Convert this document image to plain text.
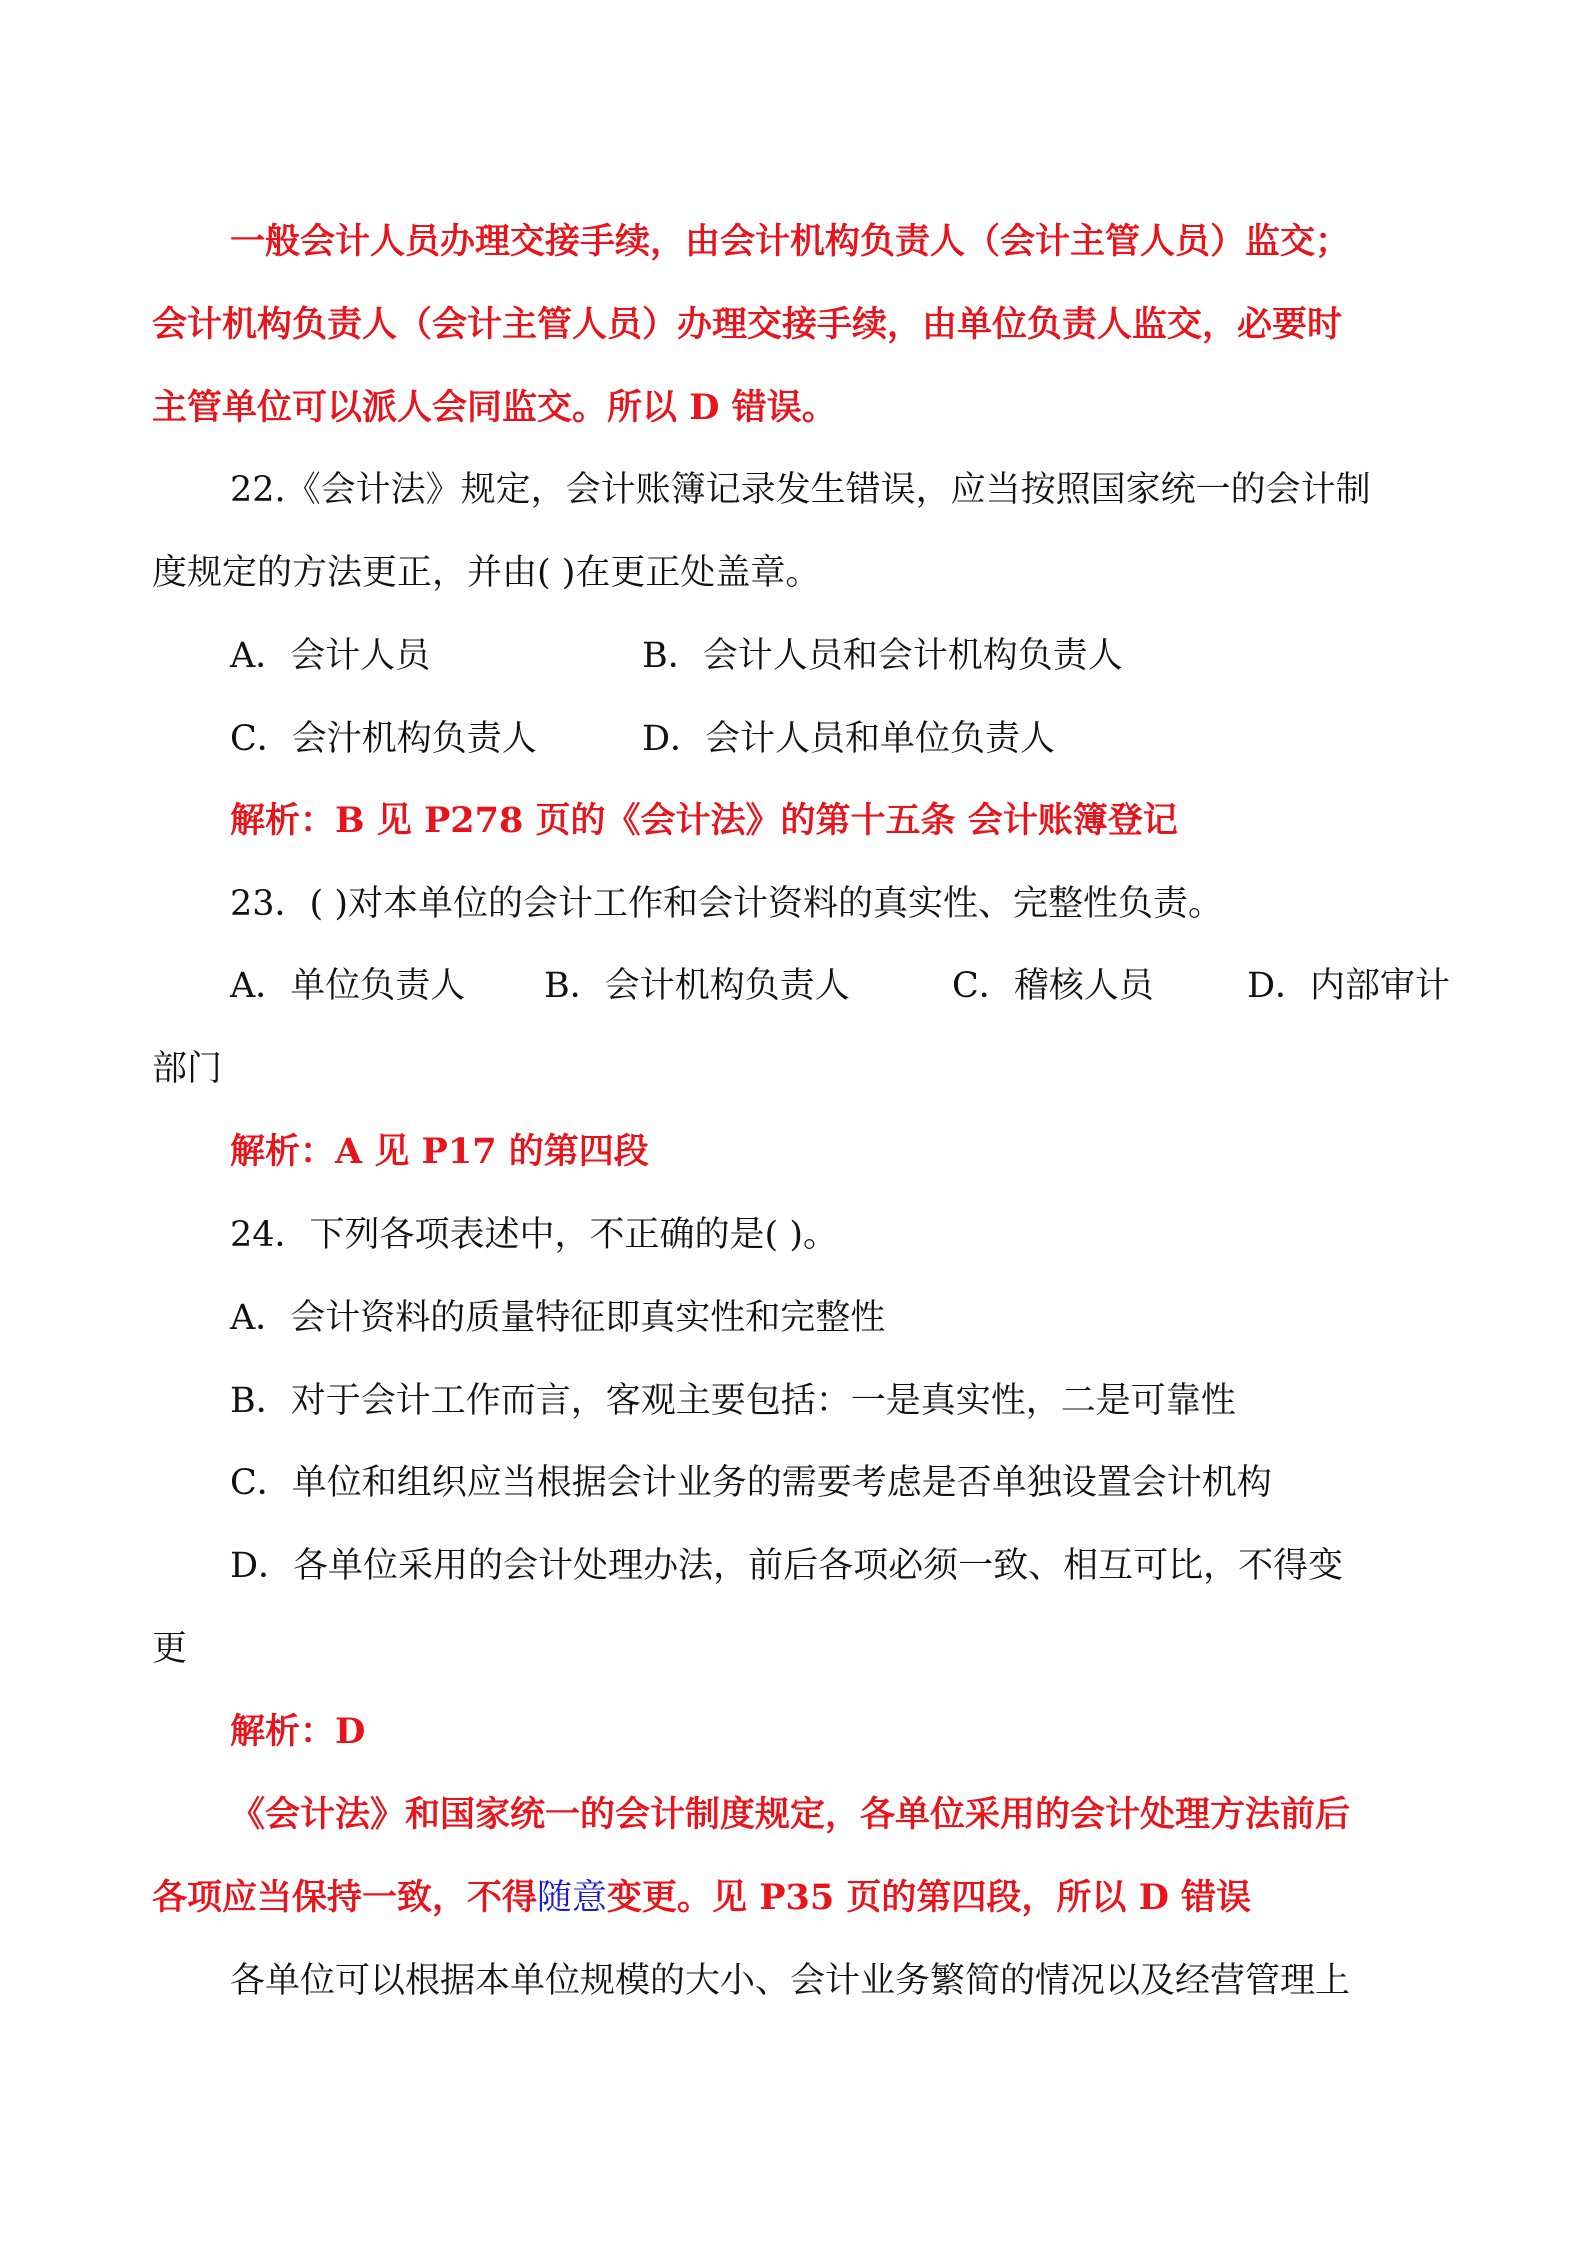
一般会计人员办理交接手续，由会计机构负责人（会计主管人员）监交；
会计机构负责人（会计主管人员）办理交接手续，由单位负责人监交，必要时
主管单位可以派人会同监交。所以 D 错误。
22.《会计法》规定，会计账簿记录发生错误，应当按照国家统一的会计制
度规定的方法更正，并由( )在更正处盖章。
A．会计人员	B．会计人员和会计机构负责人
C．会汁机构负责人	D．会计人员和单位负责人
解析：B 见 P278 页的《会计法》的第十五条 会计账簿登记
23．( )对本单位的会计工作和会计资料的真实性、完整性负责。
A．单位负责人 B．会计机构负责人	C．稽核人员	D．内部审计
部门
解析：A 见 P17 的第四段
24．下列各项表述中，不正确的是( )。
A．会计资料的质量特征即真实性和完整性
B．对于会计工作而言，客观主要包括：一是真实性，二是可靠性
C．单位和组织应当根据会计业务的需要考虑是否单独设置会计机构
D．各单位采用的会计处理办法，前后各项必须一致、相互可比，不得变
更
解析：D
《会计法》和国家统一的会计制度规定，各单位采用的会计处理方法前后
各项应当保持一致，不得随意变更。见 P35 页的第四段，所以 D 错误
各单位可以根据本单位规模的大小、会计业务繁简的情况以及经营管理上
